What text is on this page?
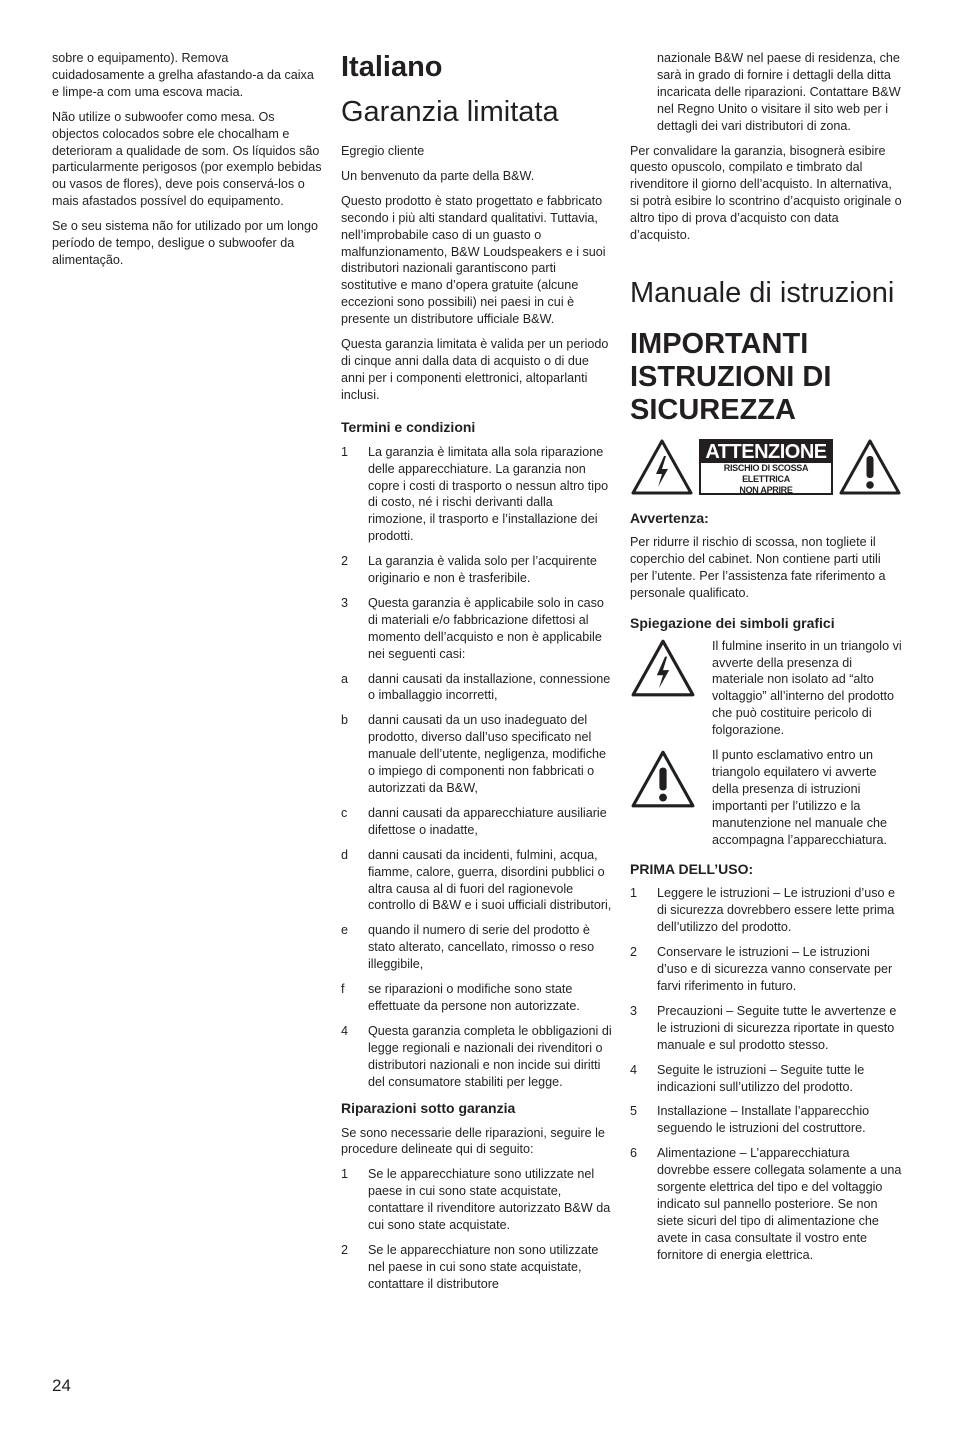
sobre o equipamento). Remova cuidadosamente a grelha afastando-a da caixa e limpe-a com uma escova macia.

Não utilize o subwoofer como mesa. Os objectos colocados sobre ele chocalham e deterioram a qualidade de som. Os líquidos são particularmente perigosos (por exemplo bebidas ou vasos de flores), deve pois conservá-los o mais afastados possível do equipamento.

Se o seu sistema não for utilizado por um longo período de tempo, desligue o subwoofer da alimentação.

Italiano
Garanzia limitata

Egregio cliente

Un benvenuto da parte della B&W.

Questo prodotto è stato progettato e fabbricato secondo i più alti standard qualitativi. Tuttavia, nell’improbabile caso di un guasto o malfunzionamento, B&W Loudspeakers e i suoi distributori nazionali garantiscono parti sostitutive e mano d’opera gratuite (alcune eccezioni sono possibili) nei paesi in cui è presente un distributore ufficiale B&W.

Questa garanzia limitata è valida per un periodo di cinque anni dalla data di acquisto o di due anni per i componenti elettronici, altoparlanti inclusi.

Termini e condizioni
1	La garanzia è limitata alla sola riparazione delle apparecchiature. La garanzia non copre i costi di trasporto o nessun altro tipo di costo, né i rischi derivanti dalla rimozione, il trasporto e l’installazione dei prodotti.
2	La garanzia è valida solo per l’acquirente originario e non è trasferibile.
3	Questa garanzia è applicabile solo in caso di materiali e/o fabbricazione difettosi al momento dell’acquisto e non è applicabile nei seguenti casi:
a	danni causati da installazione, connessione o imballaggio incorretti,
b	danni causati da un uso inadeguato del prodotto, diverso dall’uso specificato nel manuale dell’utente, negligenza, modifiche o impiego di componenti non fabbricati o autorizzati da B&W,
c	danni causati da apparecchiature ausiliarie difettose o inadatte,
d	danni causati da incidenti, fulmini, acqua, fiamme, calore, guerra, disordini pubblici o altra causa al di fuori del ragionevole controllo di B&W e i suoi ufficiali distributori,
e	quando il numero di serie del prodotto è stato alterato, cancellato, rimosso o reso illeggibile,
f	se riparazioni o modifiche sono state effettuate da persone non autorizzate.
4	Questa garanzia completa le obbligazioni di legge regionali e nazionali dei rivenditori o distributori nazionali e non incide sui diritti del consumatore stabiliti per legge.
Riparazioni sotto garanzia

Se sono necessarie delle riparazioni, seguire le procedure delineate qui di seguito:

1	Se le apparecchiature sono utilizzate nel paese in cui sono state acquistate, contattare il rivenditore autorizzato B&W da cui sono state acquistate.
2	Se le apparecchiature non sono utilizzate nel paese in cui sono state acquistate, contattare il distributore
nazionale B&W nel paese di residenza, che sarà in grado di fornire i dettagli della ditta incaricata delle riparazioni. Contattare B&W nel Regno Unito o visitare il sito web per i dettagli dei vari distributori di zona.

Per convalidare la garanzia, bisognerà esibire questo opuscolo, compilato e timbrato dal rivenditore il giorno dell’acquisto. In alternativa, si potrà esibire lo scontrino d’acquisto originale o altro tipo di prova d’acquisto con data d’acquisto.

Manuale di istruzioni
IMPORTANTI ISTRUZIONI DI SICUREZZA
ATTENZIONE
RISCHIO DI SCOSSA ELETTRICA
NON APRIRE
Avvertenza:

Per ridurre il rischio di scossa, non togliete il coperchio del cabinet. Non contiene parti utili per l’utente. Per l’assistenza fate riferimento a personale qualificato.

Spiegazione dei simboli grafici
Il fulmine inserito in un triangolo vi avverte della presenza di materiale non isolato ad “alto voltaggio” all’interno del prodotto che può costituire pericolo di folgorazione.
Il punto esclamativo entro un triangolo equilatero vi avverte della presenza di istruzioni importanti per l’utilizzo e la manutenzione nel manuale che accompagna l’apparecchiatura.
PRIMA DELL’USO:
1	Leggere le istruzioni – Le istruzioni d’uso e di sicurezza dovrebbero essere lette prima dell’utilizzo del prodotto.
2	Conservare le istruzioni – Le istruzioni d’uso e di sicurezza vanno conservate per farvi riferimento in futuro.
3	Precauzioni – Seguite tutte le avvertenze e le istruzioni di sicurezza riportate in questo manuale e sul prodotto stesso.
4	Seguite le istruzioni – Seguite tutte le indicazioni sull’utilizzo del prodotto.
5	Installazione – Installate l’apparecchio seguendo le istruzioni del costruttore.
6	Alimentazione – L’apparecchiatura dovrebbe essere collegata solamente a una sorgente elettrica del tipo e del voltaggio indicato sul pannello posteriore. Se non siete sicuri del tipo di alimentazione che avete in casa consultate il vostro ente fornitore di energia elettrica.
24
